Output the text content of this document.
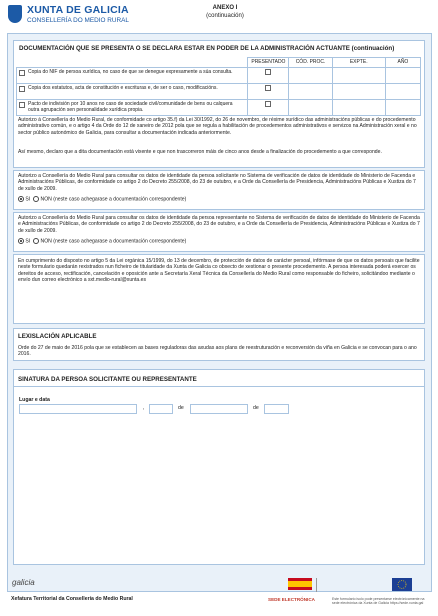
XUNTA DE GALICIA
CONSELLERÍA DO MEDIO RURAL
ANEXO I
(continuación)
DOCUMENTACIÓN QUE SE PRESENTA O SE DECLARA ESTAR EN PODER DE LA ADMINISTRACIÓN ACTUANTE (continuación)
	PRESENTADO	CÓD. PROC.	EXPTE.	AÑO

Copia do NIF de persoa xurídica, no caso de que se denegue expresamente a súa consulta.				

Copia dos estatutos, acta de constitución e escrituras e, de ser o caso, modificacións.				

Pacto de indivisión por 10 anos no caso de sociedade civil/comunidade de bens ou calquera outra agrupación sen personalidade xurídica propia.				
Autorizo á Consellería do Medio Rural, de conformidade co artigo 35.f) da Lei 30/1992, do 26 de novembro, de réxime xurídico das administracións públicas e do procedemento administrativo común, e o artigo 4 da Orde do 12 de xaneiro de 2012 pola que se regula a habilitación de procedementos administrativos e servizos na Administración xeral e no sector público autonómico de Galicia, para consultar a documentación indicada anteriormente.
Así mesmo, declaro que a dita documentación está vixente e que non trascorreron máis de cinco anos desde a finalización do procedemento a que corresponde.
Autorizo a Consellería do Medio Rural para consultar os datos de identidade da persoa solicitante no Sistema de verificación de datos de identidade do Ministerio de Facenda e Administracións Públicas, de conformidade co artigo 2 do Decreto 255/2008, do 23 de outubro, e a Orde da Consellería de Presidencia, Administracións Públicas e Xustiza do 7 de xullo de 2009.
SI NON (neste caso achegarase a documentación correspondente)
Autorizo a Consellería do Medio Rural para consultar os datos de identidade da persoa representante no Sistema de verificación de datos de identidade do Ministerio de Facenda e Administracións Públicas, de conformidade co artigo 2 do Decreto 255/2008, do 23 de outubro, e a Orde da Consellería de Presidencia, Administracións Públicas e Xustiza do 7 de xullo de 2009.
SI NON (neste caso achegarase a documentación correspondente)
En cumprimento do disposto no artigo 5 da Lei orgánica 15/1999, do 13 de decembro, de protección de datos de carácter persoal, infórmase de que os datos persoais que facilite neste formulario quedarán rexistrados nun ficheiro de titularidade da Xunta de Galicia co obxecto de xestionar o presente procedemento. A persoa interesada poderá exercer os dereitos de acceso, rectificación, cancelación e oposición ante a Secretaría Xeral Técnica da Consellería do Medio Rural como responsable do ficheiro, solicitándoo mediante o envío dun correo electrónico a sxt.medio-rural@xunta.es
LEXISLACIÓN APLICABLE
Orde do 27 de maio de 2016 pola que se establecen as bases reguladoras das axudas aos plans de reestruturación e reconversión da viña en Galicia e se convocan para o ano 2016.
SINATURA DA PERSOA SOLICITANTE OU REPRESENTANTE
Lugar e data
,	de	de
galicia
Xefatura Territorial da Consellería do Medio Rural	SEDE ELECTRÓNICA	Este formulario isolo pode presentarse electrónicamente na sede electrónica da Xunta de Galicia https://sede.xunta.gal
